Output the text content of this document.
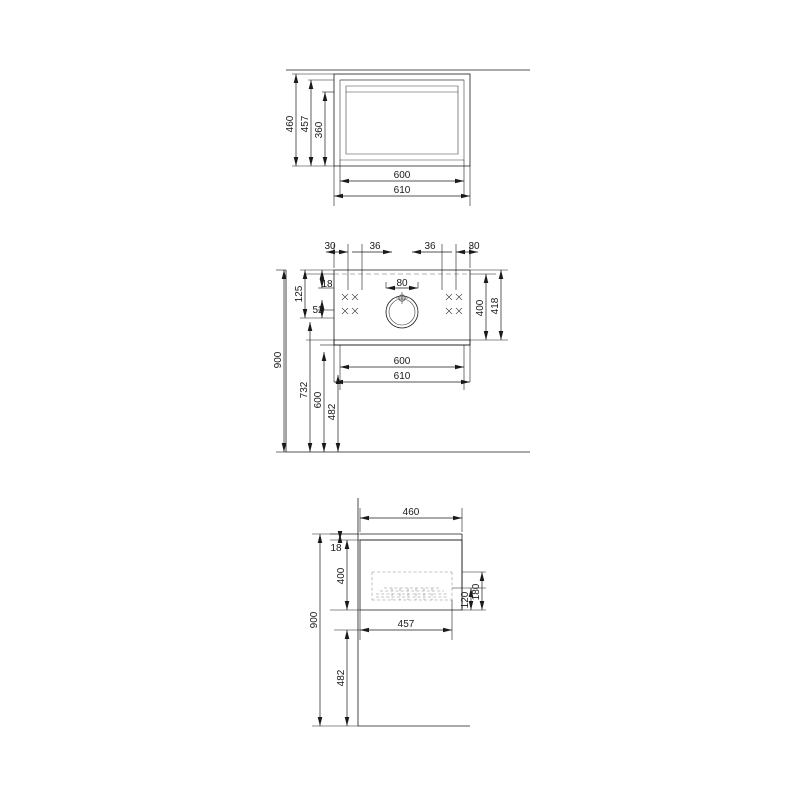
460 457 360
600
610
30	36	36	30
125
18
52
80
400 418
900
732
600
482
600
610
460
18
400
900
482
120 180
457
